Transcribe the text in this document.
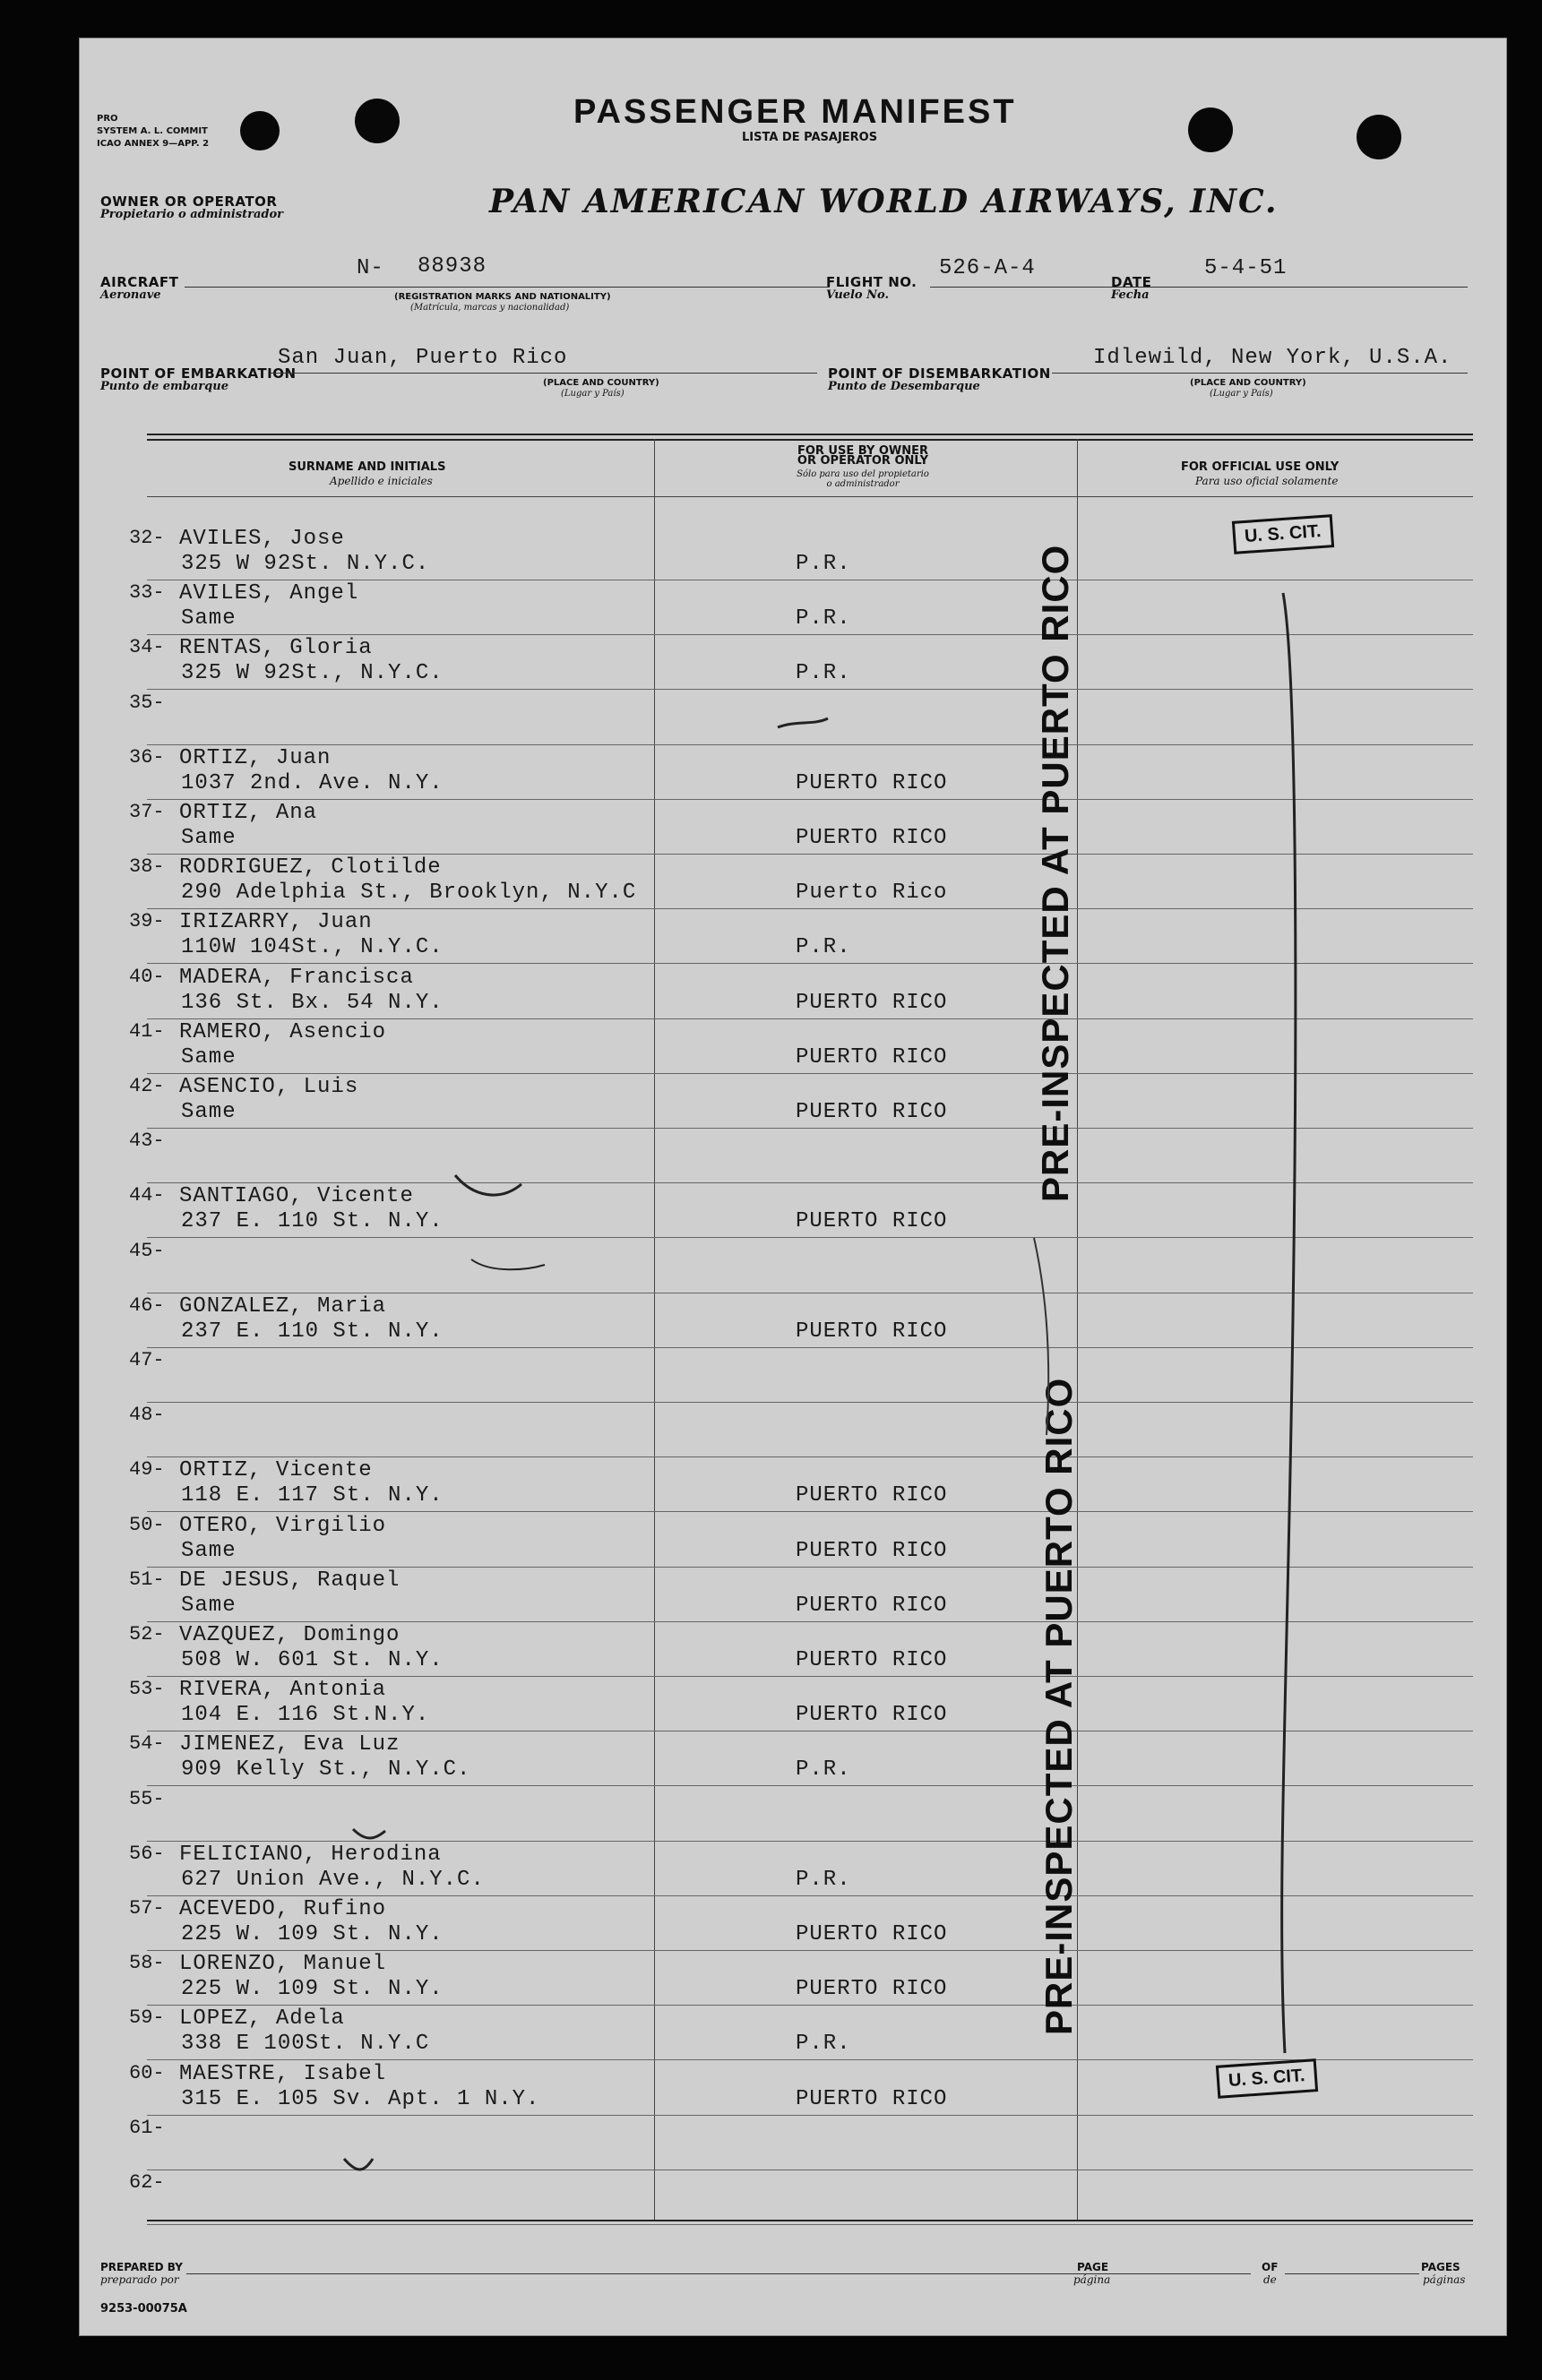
PRO
SYSTEM A. L. COMMIT
ICAO ANNEX 9—APP. 2
PASSENGER MANIFEST
LISTA DE PASAJEROS
OWNER OR OPERATOR
Propietario o administrador	PAN AMERICAN WORLD AIRWAYS, INC.
AIRCRAFT
Aeronave
N- 88938
(REGISTRATION MARKS AND NATIONALITY)
(Matrícula, marcas y nacionalidad)
FLIGHT NO.
Vuelo No.
526-A-4
DATE
Fecha
5-4-51
POINT OF EMBARKATION
Punto de embarque
San Juan, Puerto Rico
(PLACE AND COUNTRY)
(Lugar y País)
POINT OF DISEMBARKATION
Punto de Desembarque
Idlewild, New York, U.S.A.
(PLACE AND COUNTRY)
(Lugar y País)
SURNAME AND INITIALS
Apellido e iniciales
FOR USE BY OWNER
OR OPERATOR ONLY
Sólo para uso del propietario
o administrador
FOR OFFICIAL USE ONLY
Para uso oficial solamente
32- AVILES, Jose
325 W 92St. N.Y.C.	P.R.
33- AVILES, Angel
Same	P.R.
34- RENTAS, Gloria
325 W 92St., N.Y.C.	P.R.
35-
36- ORTIZ, Juan
1037 2nd. Ave. N.Y.	PUERTO RICO
37- ORTIZ, Ana
Same	PUERTO RICO
38- RODRIGUEZ, Clotilde
290 Adelphia St., Brooklyn, N.Y.C	Puerto Rico
39- IRIZARRY, Juan
110W 104St., N.Y.C.	P.R.
40- MADERA, Francisca
136 St. Bx. 54 N.Y.	PUERTO RICO
41- RAMERO, Asencio
Same	PUERTO RICO
42- ASENCIO, Luis
Same	PUERTO RICO
43-
44- SANTIAGO, Vicente
237 E. 110 St. N.Y.	PUERTO RICO
45-
46- GONZALEZ, Maria
237 E. 110 St. N.Y.	PUERTO RICO
47-
48-
49- ORTIZ, Vicente
118 E. 117 St. N.Y.	PUERTO RICO
50- OTERO, Virgilio
Same	PUERTO RICO
51- DE JESUS, Raquel
Same	PUERTO RICO
52- VAZQUEZ, Domingo
508 W. 601 St. N.Y.	PUERTO RICO
53- RIVERA, Antonia
104 E. 116 St.N.Y.	PUERTO RICO
54- JIMENEZ, Eva Luz
909 Kelly St., N.Y.C.	P.R.
55-
56- FELICIANO, Herodina
627 Union Ave., N.Y.C.	P.R.
57- ACEVEDO, Rufino
225 W. 109 St. N.Y.	PUERTO RICO
58- LORENZO, Manuel
225 W. 109 St. N.Y.	PUERTO RICO
59- LOPEZ, Adela
338 E 100St. N.Y.C	P.R.
60- MAESTRE, Isabel
315 E. 105 Sv. Apt. 1 N.Y.	PUERTO RICO
61-
62-
U. S. CIT.
U. S. CIT.
PRE-INSPECTED AT PUERTO RICO
PRE-INSPECTED AT PUERTO RICO
PREPARED BY
preparado por
PAGE
página
OF
de
PAGES
páginas
9253-00075A
